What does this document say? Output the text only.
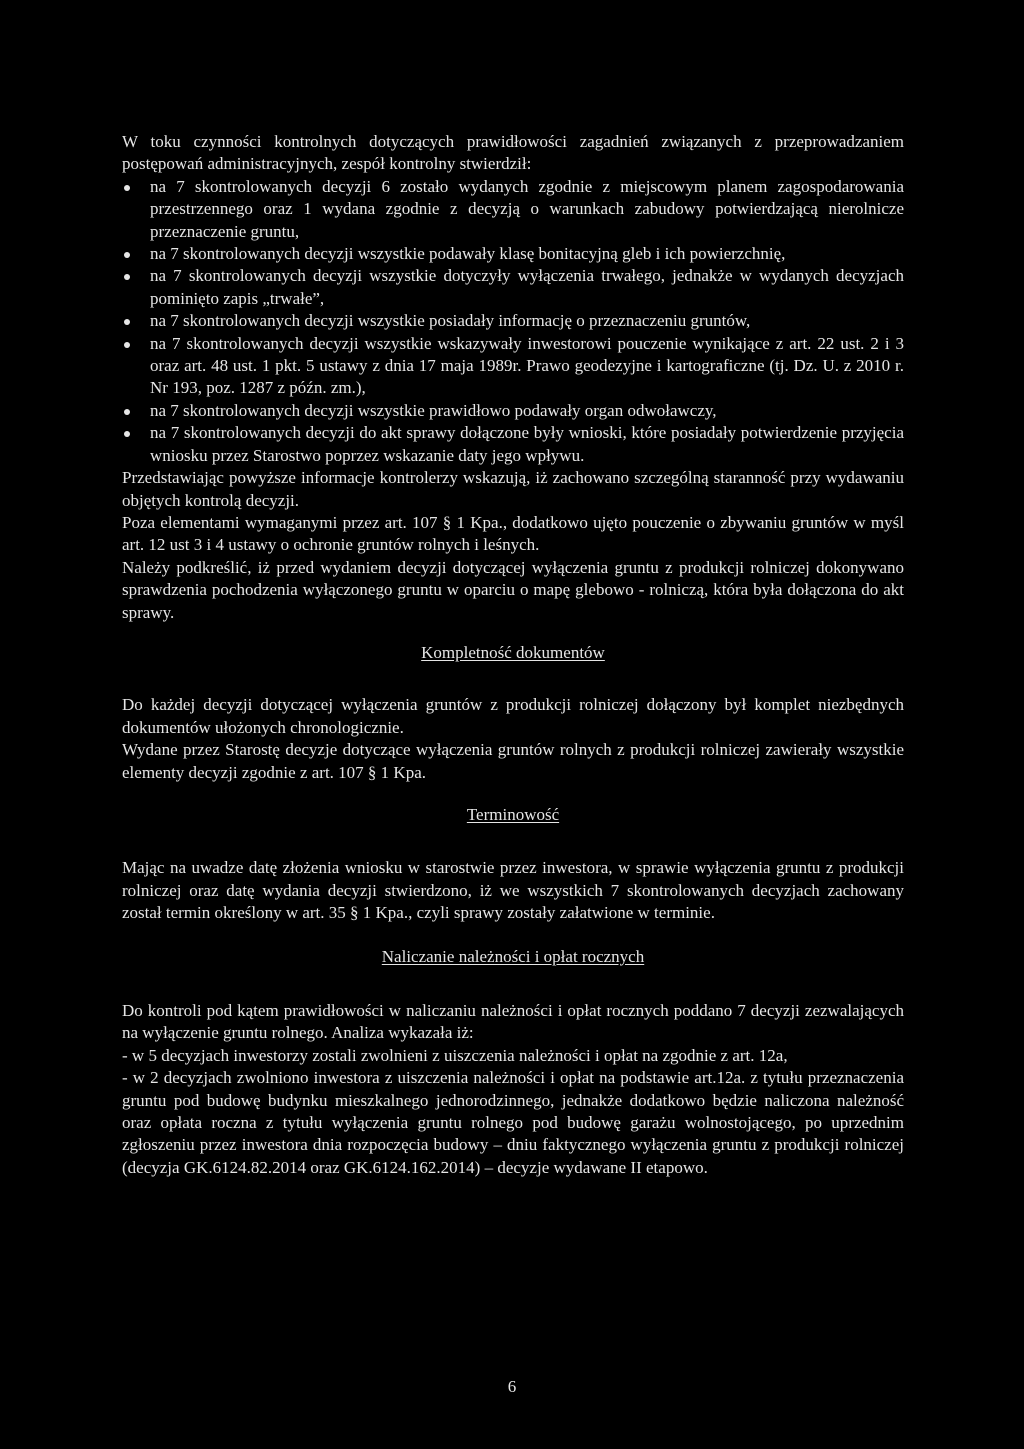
W toku czynności kontrolnych dotyczących prawidłowości zagadnień związanych z przeprowadzaniem postępowań administracyjnych, zespół kontrolny stwierdził:

na 7 skontrolowanych decyzji 6 zostało wydanych zgodnie z miejscowym planem zagospodarowania przestrzennego oraz 1 wydana zgodnie z decyzją o warunkach zabudowy potwierdzającą nierolnicze przeznaczenie gruntu,
na 7 skontrolowanych decyzji wszystkie podawały klasę bonitacyjną gleb i ich powierzchnię,
na 7 skontrolowanych decyzji wszystkie dotyczyły wyłączenia trwałego, jednakże w wydanych decyzjach pominięto zapis „trwałe”,
na 7 skontrolowanych decyzji wszystkie posiadały informację o przeznaczeniu gruntów,
na 7 skontrolowanych decyzji wszystkie wskazywały inwestorowi pouczenie wynikające z art. 22 ust. 2 i 3 oraz art. 48 ust. 1 pkt. 5 ustawy z dnia 17 maja 1989r. Prawo geodezyjne i kartograficzne (tj. Dz. U. z 2010 r. Nr 193, poz. 1287 z późn. zm.),
na 7 skontrolowanych decyzji wszystkie prawidłowo podawały organ odwoławczy,
na 7 skontrolowanych decyzji do akt sprawy dołączone były wnioski, które posiadały potwierdzenie przyjęcia wniosku przez Starostwo poprzez wskazanie daty jego wpływu.

Przedstawiając powyższe informacje kontrolerzy wskazują, iż zachowano szczególną staranność przy wydawaniu objętych kontrolą decyzji.

Poza elementami wymaganymi przez art. 107 § 1 Kpa., dodatkowo ujęto pouczenie o zbywaniu gruntów w myśl art. 12 ust 3 i 4 ustawy o ochronie gruntów rolnych i leśnych.

Należy podkreślić, iż przed wydaniem decyzji dotyczącej wyłączenia gruntu z produkcji rolniczej dokonywano sprawdzenia pochodzenia wyłączonego gruntu w oparciu o mapę glebowo - rolniczą, która była dołączona do akt sprawy.

Kompletność dokumentów

Do każdej decyzji dotyczącej wyłączenia gruntów z produkcji rolniczej dołączony był komplet niezbędnych dokumentów ułożonych chronologicznie.

Wydane przez Starostę decyzje dotyczące wyłączenia gruntów rolnych z produkcji rolniczej zawierały wszystkie elementy decyzji zgodnie z art. 107 § 1 Kpa.

Terminowość

Mając na uwadze datę złożenia wniosku w starostwie przez inwestora, w sprawie wyłączenia gruntu z produkcji rolniczej oraz datę wydania decyzji stwierdzono, iż we wszystkich 7 skontrolowanych decyzjach zachowany został termin określony w art. 35 § 1 Kpa., czyli sprawy zostały załatwione w terminie.

Naliczanie należności i opłat rocznych

Do kontroli pod kątem prawidłowości w naliczaniu należności i opłat rocznych poddano 7 decyzji zezwalających na wyłączenie gruntu rolnego. Analiza wykazała iż:

- w 5 decyzjach inwestorzy zostali zwolnieni z uiszczenia należności i opłat na zgodnie z art. 12a,

- w 2 decyzjach zwolniono inwestora z uiszczenia należności i opłat na podstawie art.12a. z tytułu przeznaczenia gruntu pod budowę budynku mieszkalnego jednorodzinnego, jednakże dodatkowo będzie naliczona należność oraz opłata roczna z tytułu wyłączenia gruntu rolnego pod budowę garażu wolnostojącego, po uprzednim zgłoszeniu przez inwestora dnia rozpoczęcia budowy – dniu faktycznego wyłączenia gruntu z produkcji rolniczej (decyzja GK.6124.82.2014 oraz GK.6124.162.2014) – decyzje wydawane II etapowo.

6
